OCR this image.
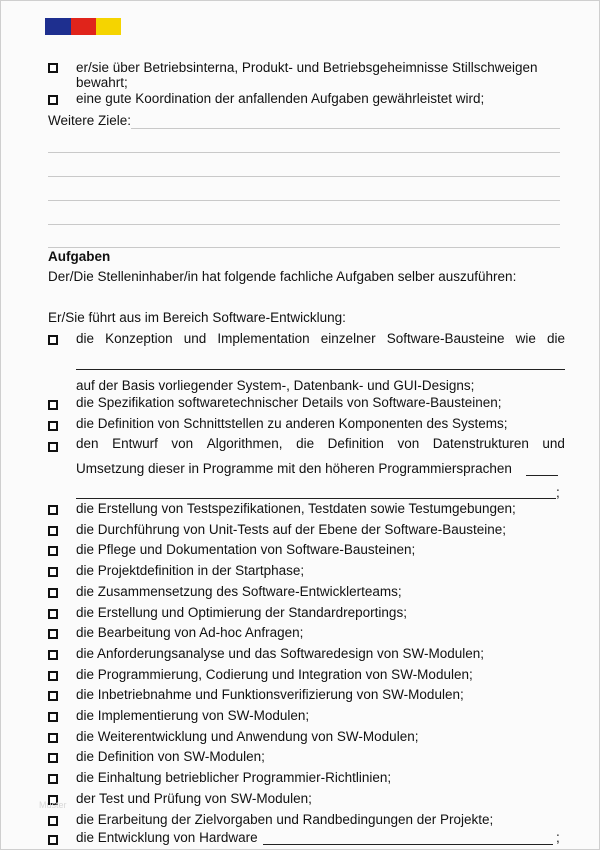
er/sie über Betriebsinterna, Produkt- und Betriebsgeheimnisse Stillschweigen
bewahrt;
eine gute Koordination der anfallenden Aufgaben gewährleistet wird;
Weitere Ziele:
Aufgaben
Der/Die Stelleninhaber/in hat folgende fachliche Aufgaben selber auszuführen:
Er/Sie führt aus im Bereich Software-Entwicklung:
die Konzeption und Implementation einzelner Software-Bausteine wie die
auf der Basis vorliegender System-, Datenbank- und GUI-Designs;
die Spezifikation softwaretechnischer Details von Software-Bausteinen;
die Definition von Schnittstellen zu anderen Komponenten des Systems;
den Entwurf von Algorithmen, die Definition von Datenstrukturen und
Umsetzung dieser in Programme mit den höheren Programmiersprachen
;
die Erstellung von Testspezifikationen, Testdaten sowie Testumgebungen;
die Durchführung von Unit-Tests auf der Ebene der Software-Bausteine;
die Pflege und Dokumentation von Software-Bausteinen;
die Projektdefinition in der Startphase;
die Zusammensetzung des Software-Entwicklerteams;
die Erstellung und Optimierung der Standardreportings;
die Bearbeitung von Ad-hoc Anfragen;
die Anforderungsanalyse und das Softwaredesign von SW-Modulen;
die Programmierung, Codierung und Integration von SW-Modulen;
die Inbetriebnahme und Funktionsverifizierung von SW-Modulen;
die Implementierung von SW-Modulen;
die Weiterentwicklung und Anwendung von SW-Modulen;
die Definition von SW-Modulen;
die Einhaltung betrieblicher Programmier-Richtlinien;
der Test und Prüfung von SW-Modulen;
die Erarbeitung der Zielvorgaben und Randbedingungen der Projekte;
die Entwicklung von Hardware	;
Muster
